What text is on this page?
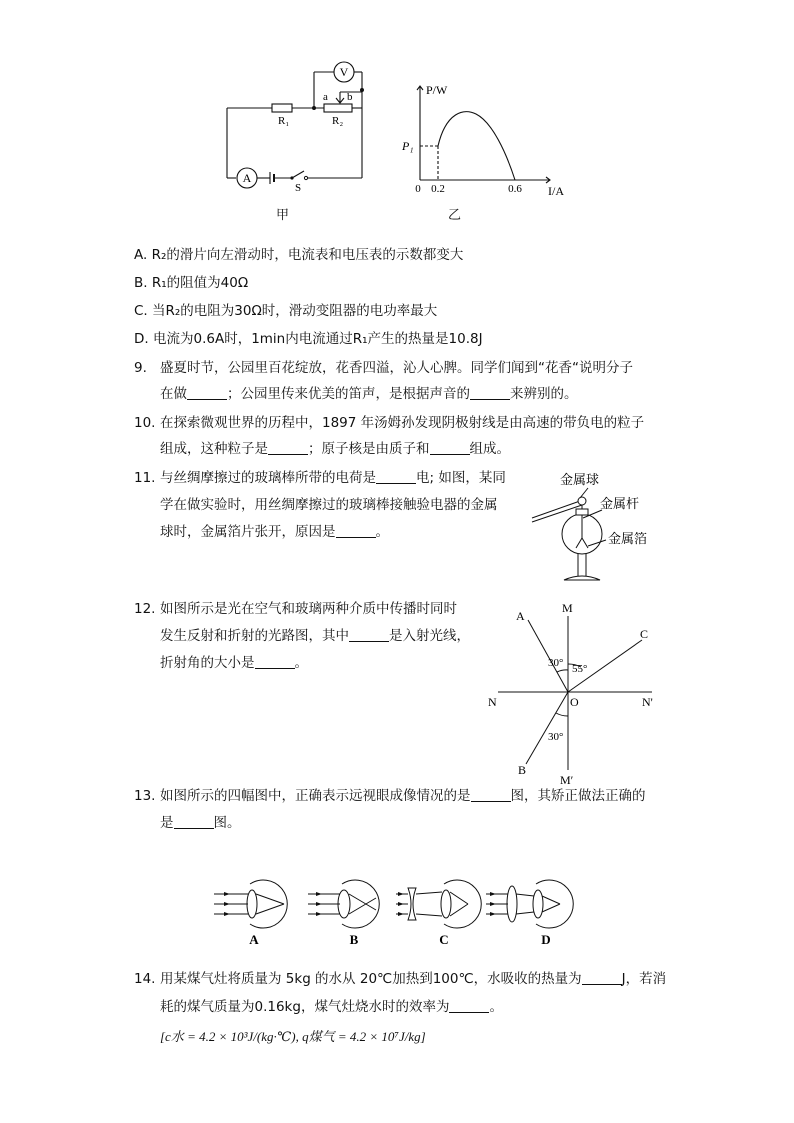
V
A
R₁	R₂
a b
S
甲
P/W
I/A
P₁
0 0.2	0.6
乙
A. R₂的滑片向左滑动时，电流表和电压表的示数都变大
B. R₁的阻值为40Ω
C. 当R₂的电阻为30Ω时，滑动变阻器的电功率最大
D. 电流为0.6A时，1min内电流通过R₁产生的热量是10.8J
9. 盛夏时节，公园里百花绽放，花香四溢，沁人心脾。同学们闻到“花香“说明分子
在做	；公园里传来优美的笛声，是根据声音的	来辨别的。
10. 在探索微观世界的历程中，1897 年汤姆孙发现阴极射线是由高速的带负电的粒子
组成，这种粒子是	；原子核是由质子和	组成。
11. 与丝绸摩擦过的玻璃棒所带的电荷是	电; 如图，某同
学在做实验时，用丝绸摩擦过的玻璃棒接触验电器的金属
球时，金属箔片张开，原因是	。
金属球
金属杆
金属箔
12. 如图所示是光在空气和玻璃两种介质中传播时同时
发生反射和折射的光路图，其中	是入射光线，
折射角的大小是	。
A
M
C
N	N'
O
B
M′
30° 55°
30°
13. 如图所示的四幅图中，正确表示远视眼成像情况的是	图，其矫正做法正确的
是	图。
A	B	C	D
14. 用某煤气灶将质量为 5kg 的水从 20℃加热到100℃，水吸收的热量为	J，若消
耗的煤气质量为0.16kg，煤气灶烧水时的效率为	。
[c水 = 4.2 × 10³J/(kg·℃), q煤气 = 4.2 × 10⁷J/kg]
